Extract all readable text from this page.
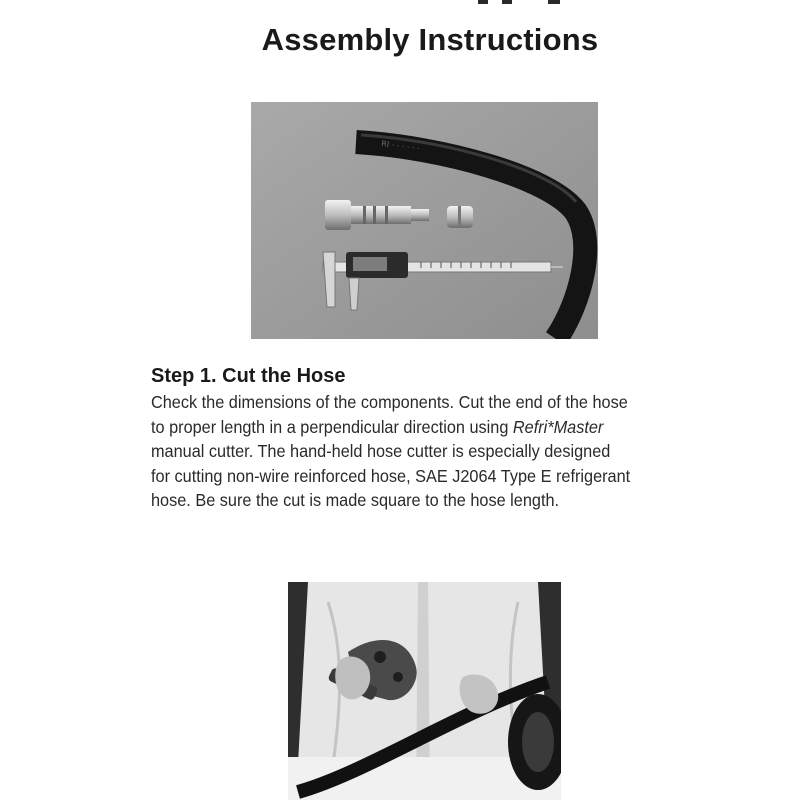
Assembly Instructions
RI · · · · · ·
Step 1. Cut the Hose

Check the dimensions of the components. Cut the end of the hose
to proper length in a perpendicular direction using Refri*Master
manual cutter. The hand-held hose cutter is especially designed
for cutting non-wire reinforced hose, SAE J2064 Type E refrigerant
hose. Be sure the cut is made square to the hose length.
